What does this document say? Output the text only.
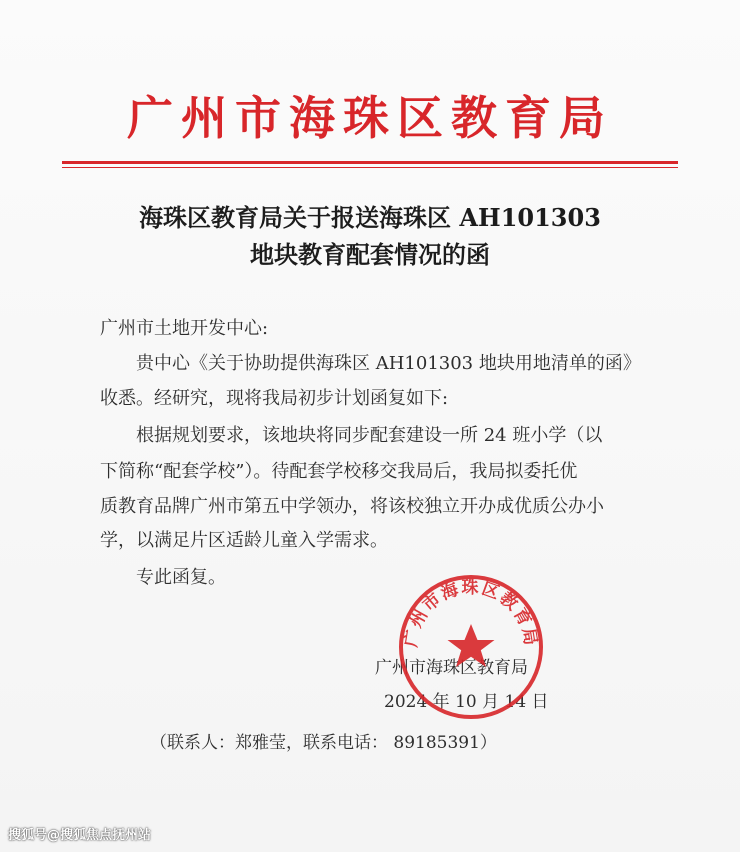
广州市海珠区教育局
海珠区教育局关于报送海珠区 AH101303
地块教育配套情况的函
广州市土地开发中心:
贵中心《关于协助提供海珠区 AH101303 地块用地清单的函》
收悉。经研究，现将我局初步计划函复如下:
根据规划要求，该地块将同步配套建设一所 24 班小学（以
下简称“配套学校”）。待配套学校移交我局后，我局拟委托优
质教育品牌广州市第五中学领办，将该校独立开办成优质公办小
学，以满足片区适龄儿童入学需求。
专此函复。
广州市海珠区教育局
2024 年 10 月 14 日
广州市海珠区教育局
（联系人：郑雅莹，联系电话： 89185391）
搜狐号@搜狐焦点抚州站
